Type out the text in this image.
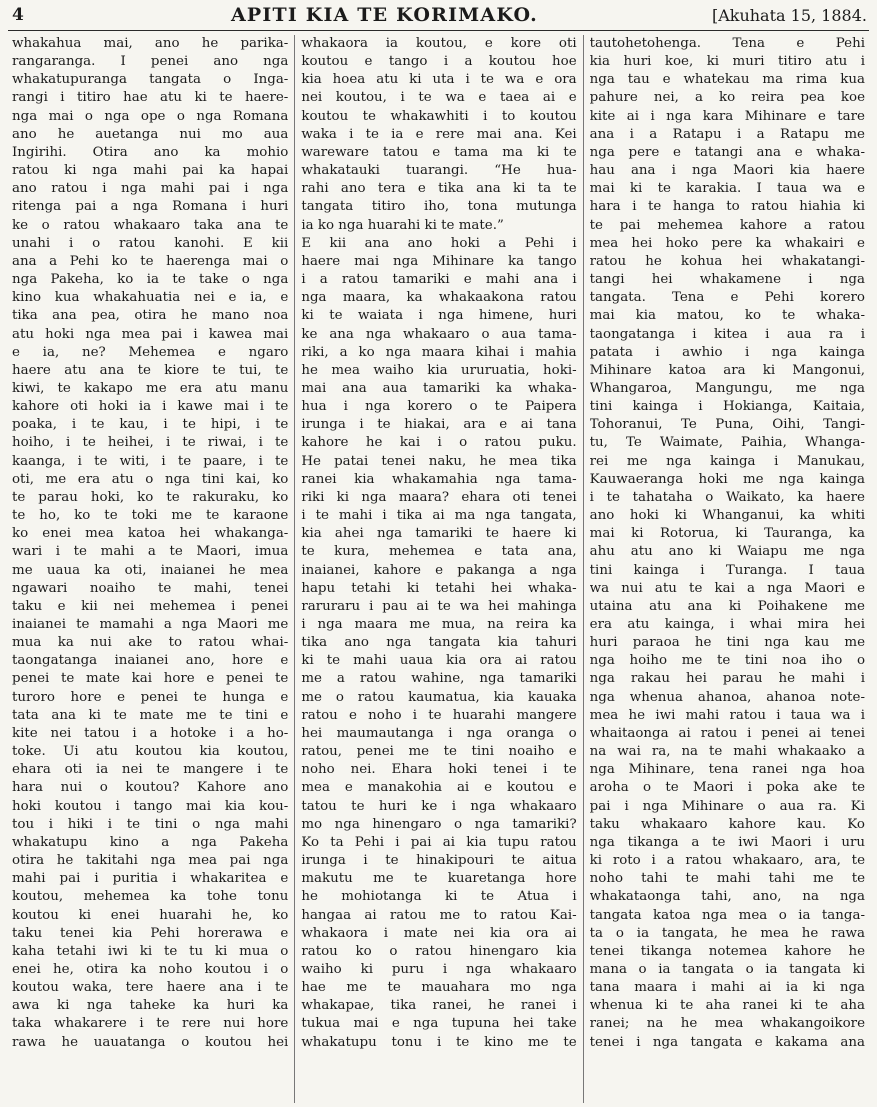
4	APITI KIA TE KORIMAKO.	[Akuhata 15, 1884.
whakahua mai, ano he parika-
rangaranga. I penei ano nga
whakatupuranga tangata o Inga-
rangi i titiro hae atu ki te haere-
nga mai o nga ope o nga Romana
ano he auetanga nui mo aua
Ingirihi. Otira ano ka mohio
ratou ki nga mahi pai ka hapai
ano ratou i nga mahi pai i nga
ritenga pai a nga Romana i huri
ke o ratou whakaaro taka ana te
unahi i o ratou kanohi. E kii
ana a Pehi ko te haerenga mai o
nga Pakeha, ko ia te take o nga
kino kua whakahuatia nei e ia, e
tika ana pea, otira he mano noa
atu hoki nga mea pai i kawea mai
e ia, ne? Mehemea e ngaro
haere atu ana te kiore te tui, te
kiwi, te kakapo me era atu manu
kahore oti hoki ia i kawe mai i te
poaka, i te kau, i te hipi, i te
hoiho, i te heihei, i te riwai, i te
kaanga, i te witi, i te paare, i te
oti, me era atu o nga tini kai, ko
te parau hoki, ko te rakuraku, ko
te ho, ko te toki me te karaone
ko enei mea katoa hei whakanga-
wari i te mahi a te Maori, imua
me uaua ka oti, inaianei he mea
ngawari noaiho te mahi, tenei
taku e kii nei mehemea i penei
inaianei te mamahi a nga Maori me
mua ka nui ake to ratou whai-
taongatanga inaianei ano, hore e
penei te mate kai hore e penei te
turoro hore e penei te hunga e
tata ana ki te mate me te tini e
kite nei tatou i a hotoke i a ho-
toke. Ui atu koutou kia koutou,
ehara oti ia nei te mangere i te
hara nui o koutou? Kahore ano
hoki koutou i tango mai kia kou-
tou i hiki i te tini o nga mahi
whakatupu kino a nga Pakeha
otira he takitahi nga mea pai nga
mahi pai i puritia i whakaritea e
koutou, mehemea ka tohe tonu
koutou ki enei huarahi he, ko
taku tenei kia Pehi horerawa e
kaha tetahi iwi ki te tu ki mua o
enei he, otira ka noho koutou i o
koutou waka, tere haere ana i te
awa ki nga taheke ka huri ka
taka whakarere i te rere nui hore
rawa he uauatanga o koutou hei
whakaora ia koutou, e kore oti
koutou e tango i a koutou hoe
kia hoea atu ki uta i te wa e ora
nei koutou, i te wa e taea ai e
koutou te whakawhiti i to koutou
waka i te ia e rere mai ana. Kei
wareware tatou e tama ma ki te
whakatauki tuarangi. “He hua-
rahi ano tera e tika ana ki ta te
tangata titiro iho, tona mutunga
ia ko nga huarahi ki te mate.”
E kii ana ano hoki a Pehi i
haere mai nga Mihinare ka tango
i a ratou tamariki e mahi ana i
nga maara, ka whakaakona ratou
ki te waiata i nga himene, huri
ke ana nga whakaaro o aua tama-
riki, a ko nga maara kihai i mahia
he mea waiho kia ururuatia, hoki-
mai ana aua tamariki ka whaka-
hua i nga korero o te Paipera
irunga i te hiakai, ara e ai tana
kahore he kai i o ratou puku.
He patai tenei naku, he mea tika
ranei kia whakamahia nga tama-
riki ki nga maara? ehara oti tenei
i te mahi i tika ai ma nga tangata,
kia ahei nga tamariki te haere ki
te kura, mehemea e tata ana,
inaianei, kahore e pakanga a nga
hapu tetahi ki tetahi hei whaka-
raruraru i pau ai te wa hei mahinga
i nga maara me mua, na reira ka
tika ano nga tangata kia tahuri
ki te mahi uaua kia ora ai ratou
me a ratou wahine, nga tamariki
me o ratou kaumatua, kia kauaka
ratou e noho i te huarahi mangere
hei maumautanga i nga oranga o
ratou, penei me te tini noaiho e
noho nei. Ehara hoki tenei i te
mea e manakohia ai e koutou e
tatou te huri ke i nga whakaaro
mo nga hinengaro o nga tamariki?
Ko ta Pehi i pai ai kia tupu ratou
irunga i te hinakipouri te aitua
makutu me te kuaretanga hore
he mohiotanga ki te Atua i
hangaa ai ratou me to ratou Kai-
whakaora i mate nei kia ora ai
ratou ko o ratou hinengaro kia
waiho ki puru i nga whakaaro
hae me te mauahara mo nga
whakapae, tika ranei, he ranei i
tukua mai e nga tupuna hei take
whakatupu tonu i te kino me te
tautohetohenga. Tena e Pehi
kia huri koe, ki muri titiro atu i
nga tau e whatekau ma rima kua
pahure nei, a ko reira pea koe
kite ai i nga kara Mihinare e tare
ana i a Ratapu i a Ratapu me
nga pere e tatangi ana e whaka-
hau ana i nga Maori kia haere
mai ki te karakia. I taua wa e
hara i te hanga to ratou hiahia ki
te pai mehemea kahore a ratou
mea hei hoko pere ka whakairi e
ratou he kohua hei whakatangi-
tangi hei whakamene i nga
tangata. Tena e Pehi korero
mai kia matou, ko te whaka-
taongatanga i kitea i aua ra i
patata i awhio i nga kainga
Mihinare katoa ara ki Mangonui,
Whangaroa, Mangungu, me nga
tini kainga i Hokianga, Kaitaia,
Tohoranui, Te Puna, Oihi, Tangi-
tu, Te Waimate, Paihia, Whanga-
rei me nga kainga i Manukau,
Kauwaeranga hoki me nga kainga
i te tahataha o Waikato, ka haere
ano hoki ki Whanganui, ka whiti
mai ki Rotorua, ki Tauranga, ka
ahu atu ano ki Waiapu me nga
tini kainga i Turanga. I taua
wa nui atu te kai a nga Maori e
utaina atu ana ki Poihakene me
era atu kainga, i whai mira hei
huri paraoa he tini nga kau me
nga hoiho me te tini noa iho o
nga rakau hei parau he mahi i
nga whenua ahanoa, ahanoa note-
mea he iwi mahi ratou i taua wa i
whaitaonga ai ratou i penei ai tenei
na wai ra, na te mahi whakaako a
nga Mihinare, tena ranei nga hoa
aroha o te Maori i poka ake te
pai i nga Mihinare o aua ra. Ki
taku whakaaro kahore kau. Ko
nga tikanga a te iwi Maori i uru
ki roto i a ratou whakaaro, ara, te
noho tahi te mahi tahi me te
whakataonga tahi, ano, na nga
tangata katoa nga mea o ia tanga-
ta o ia tangata, he mea he rawa
tenei tikanga notemea kahore he
mana o ia tangata o ia tangata ki
tana maara i mahi ai ia ki nga
whenua ki te aha ranei ki te aha
ranei; na he mea whakangoikore
tenei i nga tangata e kakama ana
